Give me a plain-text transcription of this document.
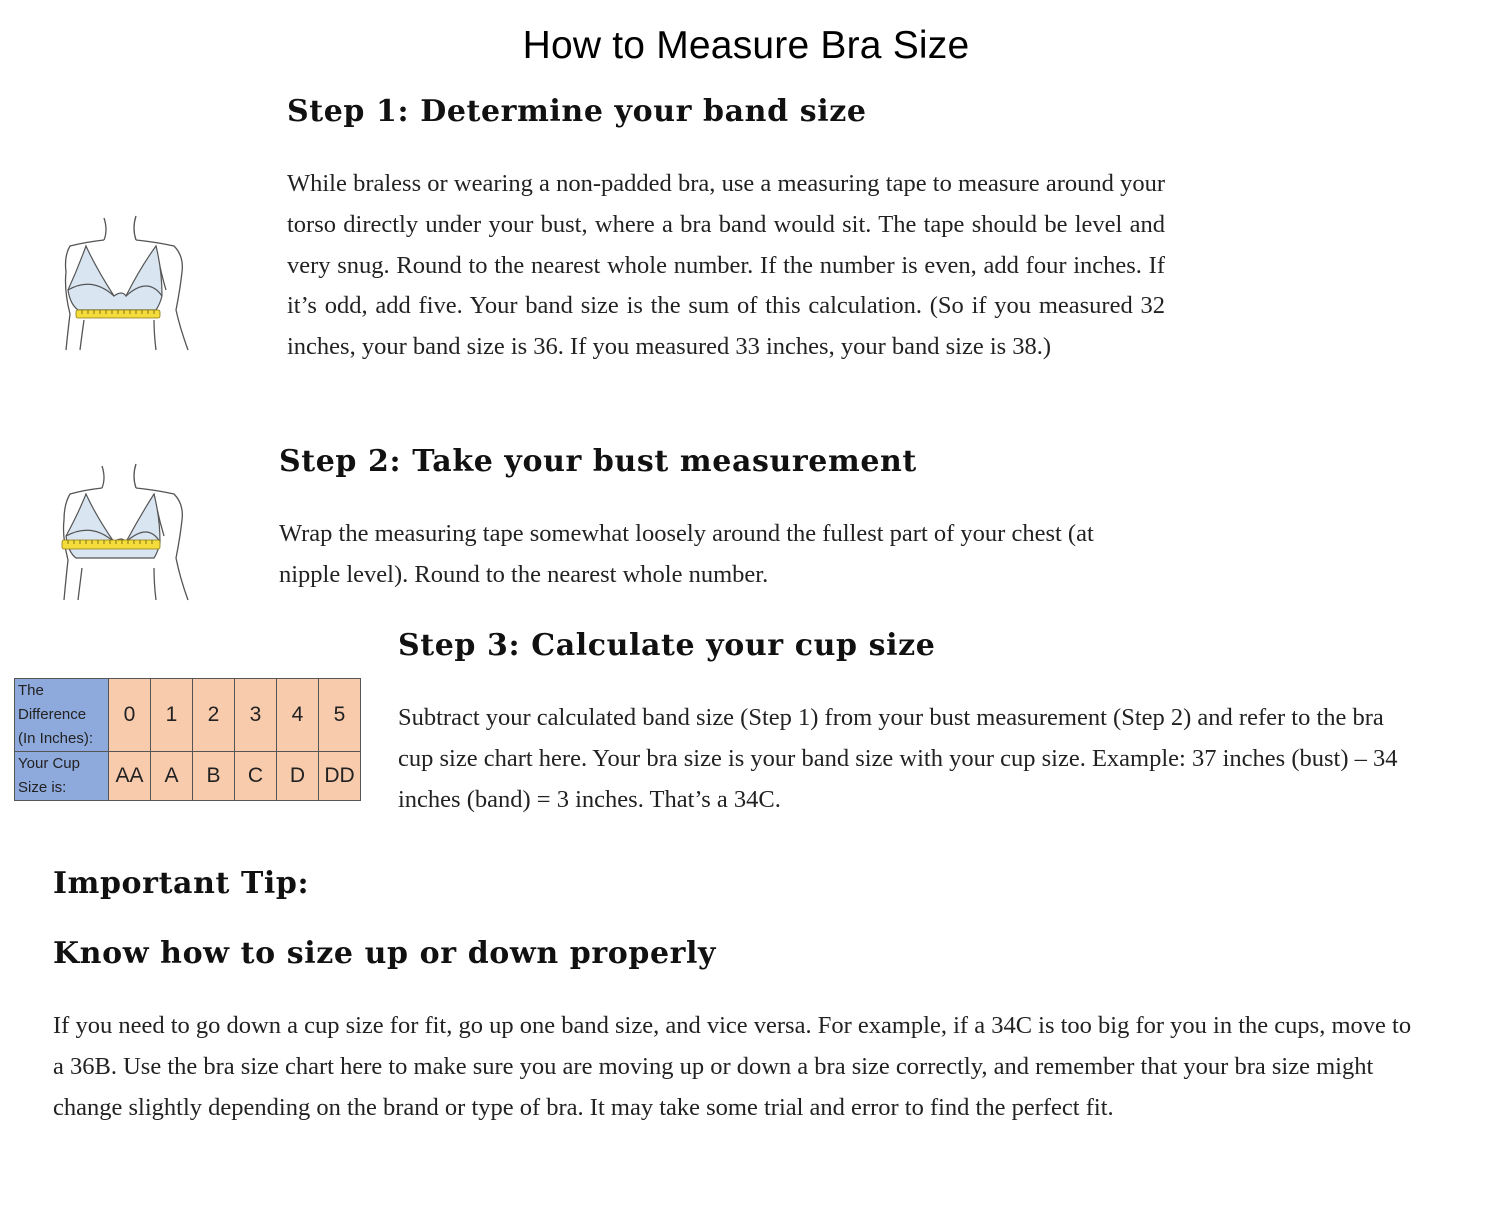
How to Measure Bra Size
Step 1: Determine your band size
While braless or wearing a non-padded bra, use a measuring tape to measure around your torso directly under your bust, where a bra band would sit. The tape should be level and very snug. Round to the nearest whole number. If the number is even, add four inches. If it’s odd, add five. Your band size is the sum of this calculation. (So if you measured 32 inches, your band size is 36. If you measured 33 inches, your band size is 38.)
Step 2: Take your bust measurement
Wrap the measuring tape somewhat loosely around the fullest part of your chest (at nipple level). Round to the nearest whole number.
The
Difference
(In Inches):	0	1	2	3	4	5
Your Cup
Size is:	AA	A	B	C	D	DD
Step 3: Calculate your cup size
Subtract your calculated band size (Step 1) from your bust measurement (Step 2) and refer to the bra cup size chart here. Your bra size is your band size with your cup size. Example: 37 inches (bust) – 34 inches (band) = 3 inches. That’s a 34C.
Important Tip:
Know how to size up or down properly
If you need to go down a cup size for fit, go up one band size, and vice versa. For example, if a 34C is too big for you in the cups, move to a 36B. Use the bra size chart here to make sure you are moving up or down a bra size correctly, and remember that your bra size might change slightly depending on the brand or type of bra. It may take some trial and error to find the perfect fit.
